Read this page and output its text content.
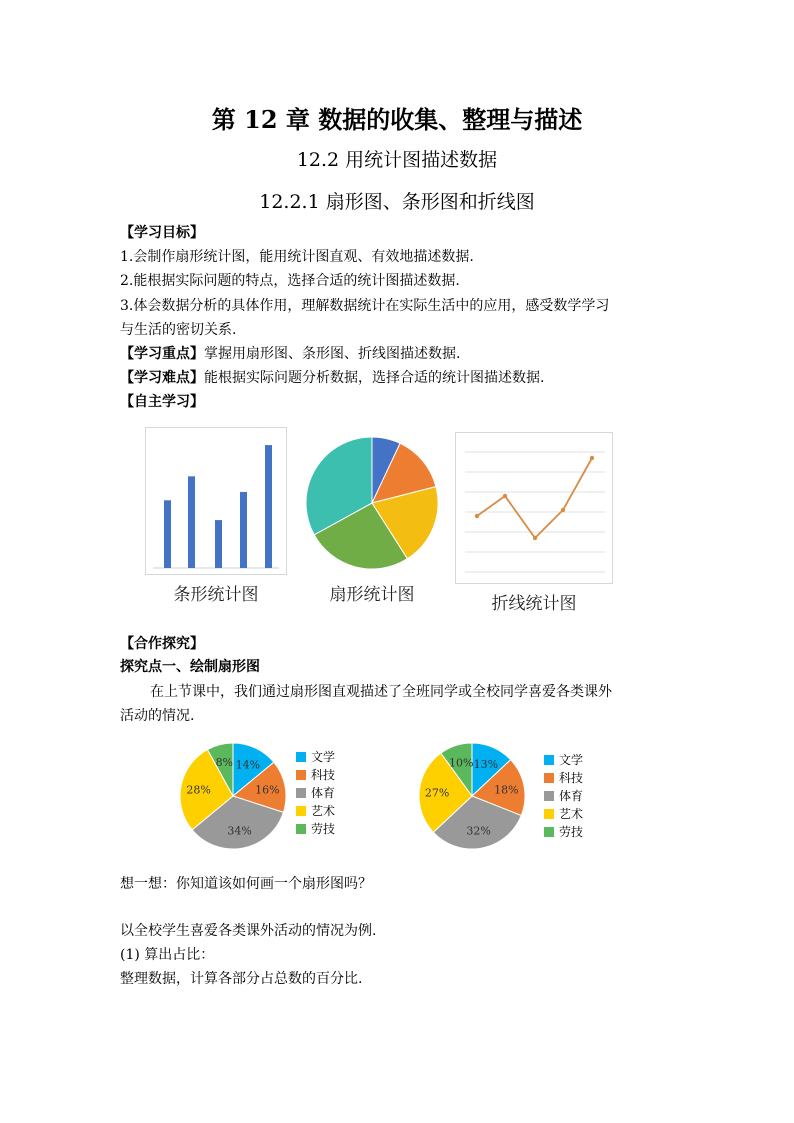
第 12 章 数据的收集、整理与描述
12.2 用统计图描述数据
12.2.1 扇形图、条形图和折线图
【学习目标】
1.会制作扇形统计图，能用统计图直观、有效地描述数据.
2.能根据实际问题的特点，选择合适的统计图描述数据.
3.体会数据分析的具体作用，理解数据统计在实际生活中的应用，感受数学学习
与生活的密切关系.
【学习重点】掌握用扇形图、条形图、折线图描述数据.
【学习难点】能根据实际问题分析数据，选择合适的统计图描述数据.
【自主学习】
条形统计图	扇形统计图	折线统计图
【合作探究】
探究点一、绘制扇形图
在上节课中，我们通过扇形图直观描述了全班同学或全校同学喜爱各类课外
活动的情况.
14%
16%
34%
28%
8%	文学
科技
体育
艺术
劳技
13%
18%
32%
27%
10%	文学
科技
体育
艺术
劳技
想一想：你知道该如何画一个扇形图吗？
以全校学生喜爱各类课外活动的情况为例.
(1) 算出占比：
整理数据，计算各部分占总数的百分比.
